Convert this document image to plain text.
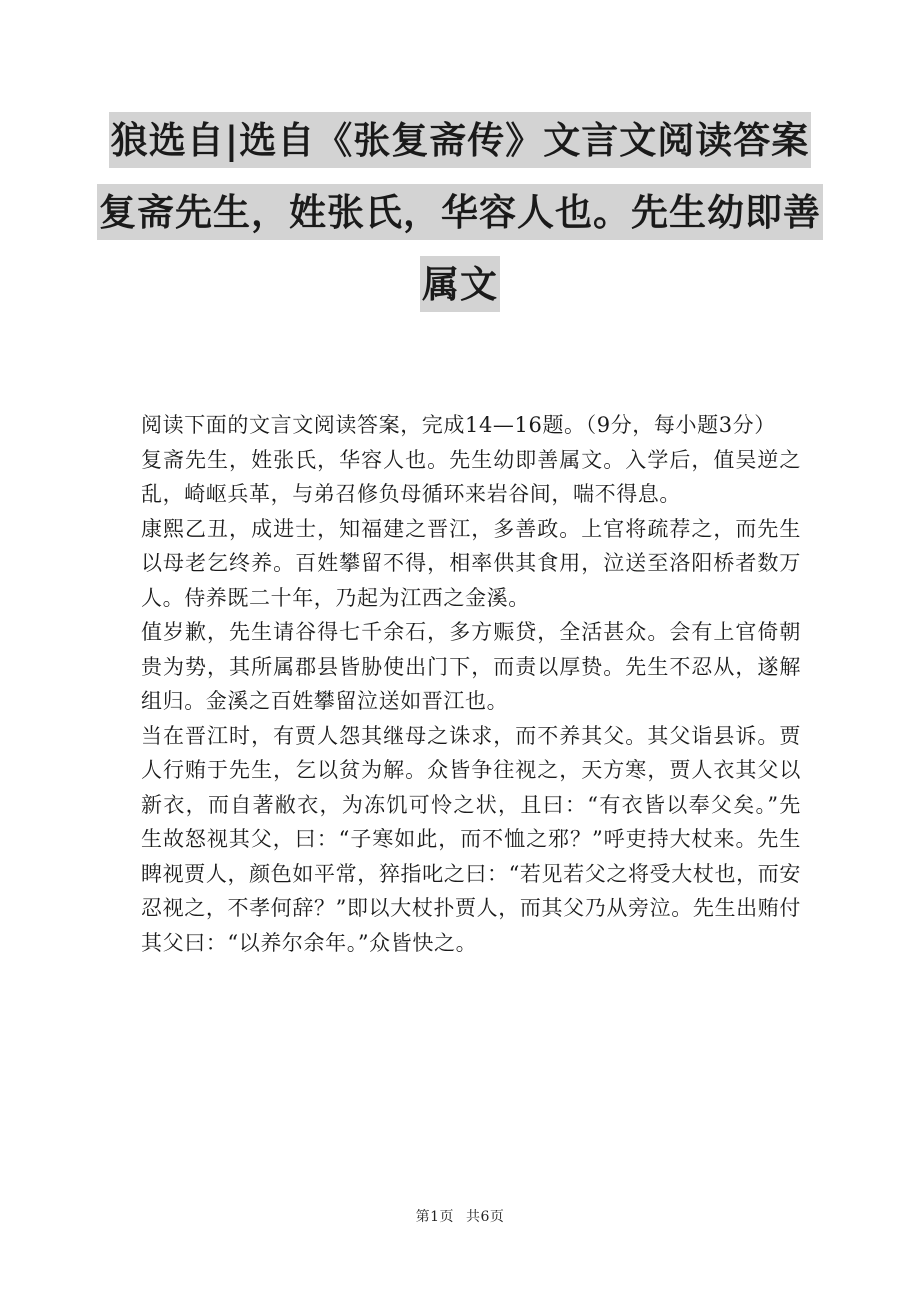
狼选自|选自《张复斋传》文言文阅读答案
复斋先生，姓张氏，华容人也。先生幼即善
属文

阅读下面的文言文阅读答案，完成14—16题。（9分，每小题3分）

复斋先生，姓张氏，华容人也。先生幼即善属文。入学后，值吴逆之乱，崎岖兵革，与弟召修负母循环来岩谷间，喘不得息。

康熙乙丑，成进士，知福建之晋江，多善政。上官将疏荐之，而先生以母老乞终养。百姓攀留不得，相率供其食用，泣送至洛阳桥者数万人。侍养既二十年，乃起为江西之金溪。

值岁歉，先生请谷得七千余石，多方赈贷，全活甚众。会有上官倚朝贵为势，其所属郡县皆胁使出门下，而责以厚贽。先生不忍从，遂解组归。金溪之百姓攀留泣送如晋江也。

当在晋江时，有贾人怨其继母之诛求，而不养其父。其父诣县诉。贾人行贿于先生，乞以贫为解。众皆争往视之，天方寒，贾人衣其父以新衣，而自著敝衣，为冻饥可怜之状，且曰：“有衣皆以奉父矣。”先生故怒视其父，曰：“子寒如此，而不恤之邪？”呼吏持大杖来。先生睥视贾人，颜色如平常，猝指叱之曰：“若见若父之将受大杖也，而安忍视之，不孝何辞？”即以大杖扑贾人，而其父乃从旁泣。先生出贿付其父曰：“以养尔余年。”众皆快之。

第1页 共6页
